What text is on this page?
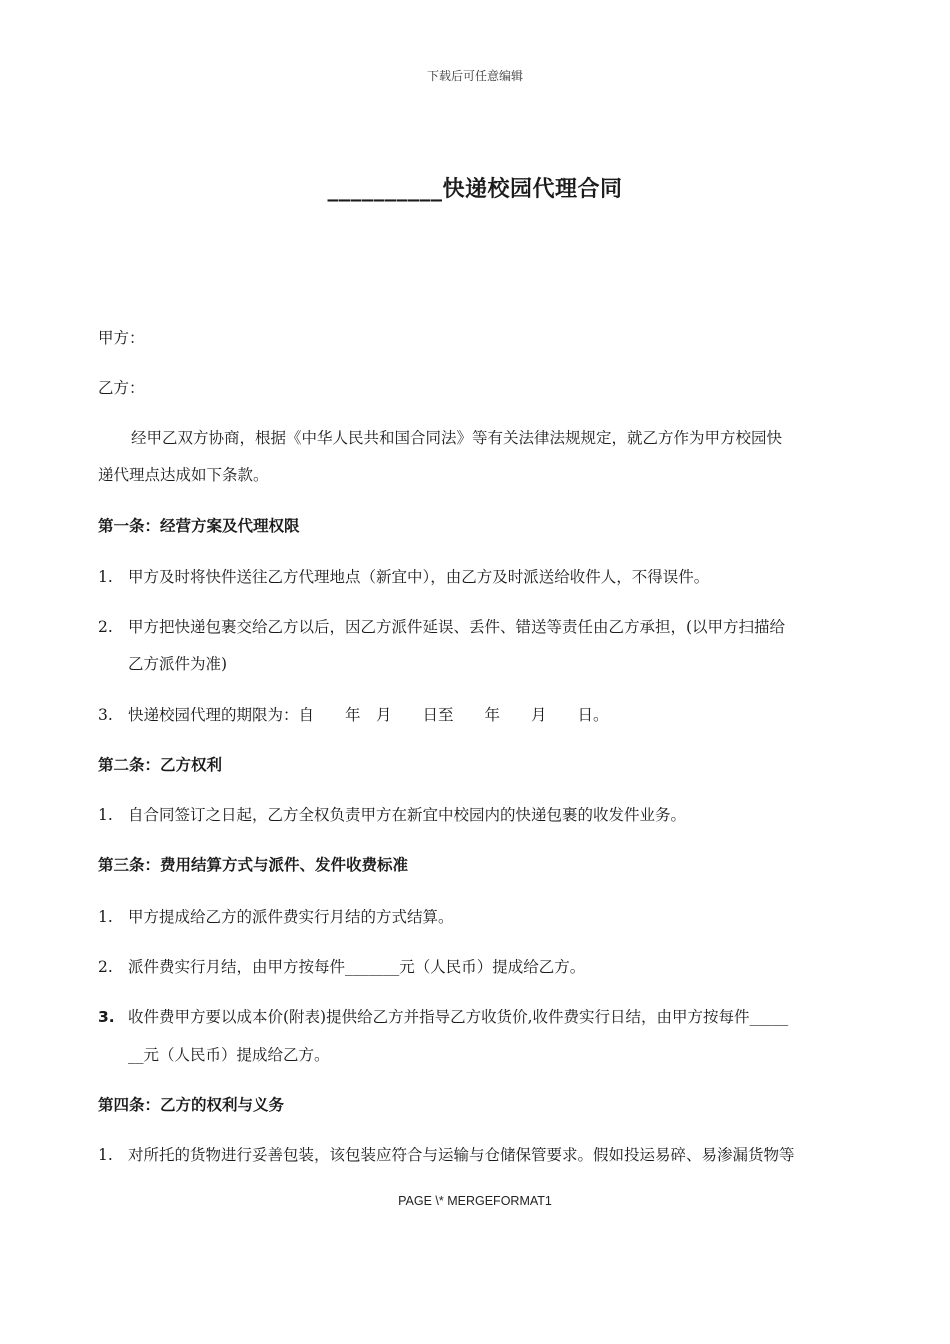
下载后可任意编辑
__________快递校园代理合同
甲方：
乙方：
经甲乙双方协商，根据《中华人民共和国合同法》等有关法律法规规定，就乙方作为甲方校园快
递代理点达成如下条款。
第一条：经营方案及代理权限
1. 甲方及时将快件送往乙方代理地点（新宜中），由乙方及时派送给收件人，不得误件。
2. 甲方把快递包裹交给乙方以后，因乙方派件延误、丢件、错送等责任由乙方承担，(以甲方扫描给
乙方派件为准)
3. 快递校园代理的期限为：自　　年　月　　日至　　年　　月　　日。
第二条：乙方权利
1. 自合同签订之日起，乙方全权负责甲方在新宜中校园内的快递包裹的收发件业务。
第三条：费用结算方式与派件、发件收费标准
1. 甲方提成给乙方的派件费实行月结的方式结算。
2. 派件费实行月结，由甲方按每件_______元（人民币）提成给乙方。
3. 收件费甲方要以成本价(附表)提供给乙方并指导乙方收货价,收件费实行日结，由甲方按每件_____
__元（人民币）提成给乙方。
第四条：乙方的权利与义务
1. 对所托的货物进行妥善包装，该包装应符合与运输与仓储保管要求。假如投运易碎、易渗漏货物等
PAGE \* MERGEFORMAT1
